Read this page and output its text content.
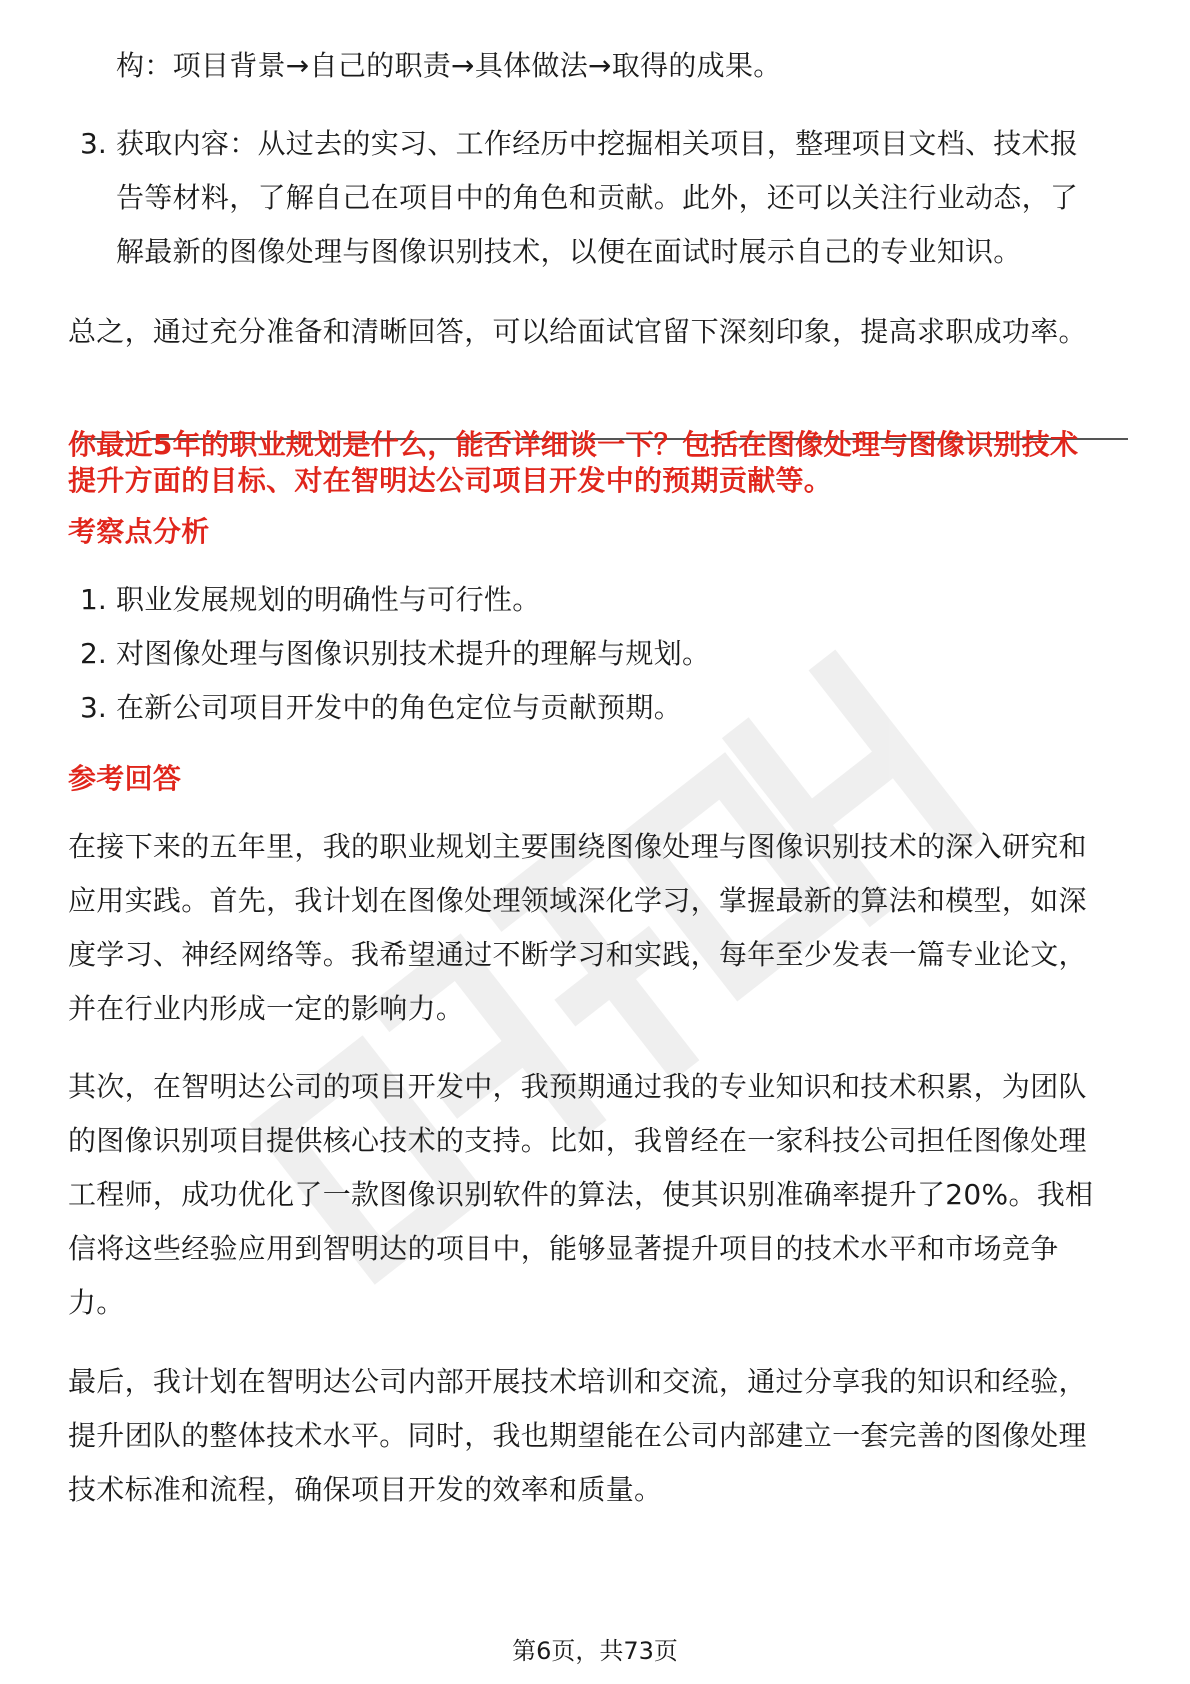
构：项目背景→自己的职责→具体做法→取得的成果。
3. 获取内容：从过去的实习、工作经历中挖掘相关项目，整理项目文档、技术报
告等材料，了解自己在项目中的角色和贡献。此外，还可以关注行业动态，了
解最新的图像处理与图像识别技术，以便在面试时展示自己的专业知识。
总之，通过充分准备和清晰回答，可以给面试官留下深刻印象，提高求职成功率。
你最近5年的职业规划是什么，能否详细谈一下？包括在图像处理与图像识别技术
提升方面的目标、对在智明达公司项目开发中的预期贡献等。
考察点分析
1. 职业发展规划的明确性与可行性。
2. 对图像处理与图像识别技术提升的理解与规划。
3. 在新公司项目开发中的角色定位与贡献预期。
参考回答
在接下来的五年里，我的职业规划主要围绕图像处理与图像识别技术的深入研究和
应用实践。首先，我计划在图像处理领域深化学习，掌握最新的算法和模型，如深
度学习、神经网络等。我希望通过不断学习和实践，每年至少发表一篇专业论文，
并在行业内形成一定的影响力。
其次，在智明达公司的项目开发中，我预期通过我的专业知识和技术积累，为团队
的图像识别项目提供核心技术的支持。比如，我曾经在一家科技公司担任图像处理
工程师，成功优化了一款图像识别软件的算法，使其识别准确率提升了20%。我相
信将这些经验应用到智明达的项目中，能够显著提升项目的技术水平和市场竞争
力。
最后，我计划在智明达公司内部开展技术培训和交流，通过分享我的知识和经验，
提升团队的整体技术水平。同时，我也期望能在公司内部建立一套完善的图像处理
技术标准和流程，确保项目开发的效率和质量。
第6页，共73页
